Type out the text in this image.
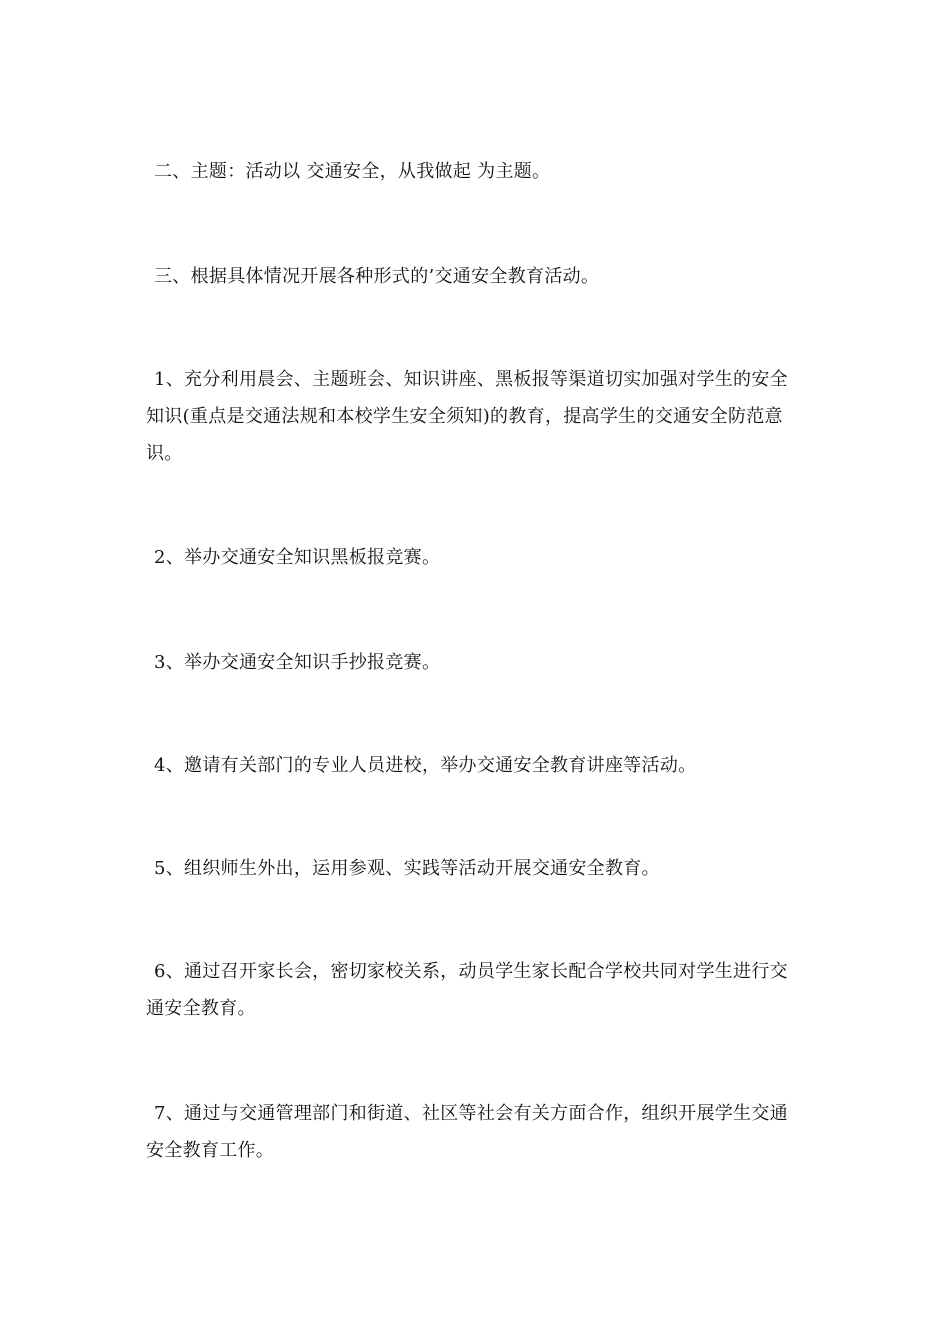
二、主题：活动以 交通安全，从我做起 为主题。

三、根据具体情况开展各种形式的’交通安全教育活动。

1、充分利用晨会、主题班会、知识讲座、黑板报等渠道切实加强对学生的安全知识(重点是交通法规和本校学生安全须知)的教育，提高学生的交通安全防范意识。

2、举办交通安全知识黑板报竞赛。

3、举办交通安全知识手抄报竞赛。

4、邀请有关部门的专业人员进校，举办交通安全教育讲座等活动。

5、组织师生外出，运用参观、实践等活动开展交通安全教育。

6、通过召开家长会，密切家校关系，动员学生家长配合学校共同对学生进行交通安全教育。

7、通过与交通管理部门和街道、社区等社会有关方面合作，组织开展学生交通安全教育工作。
